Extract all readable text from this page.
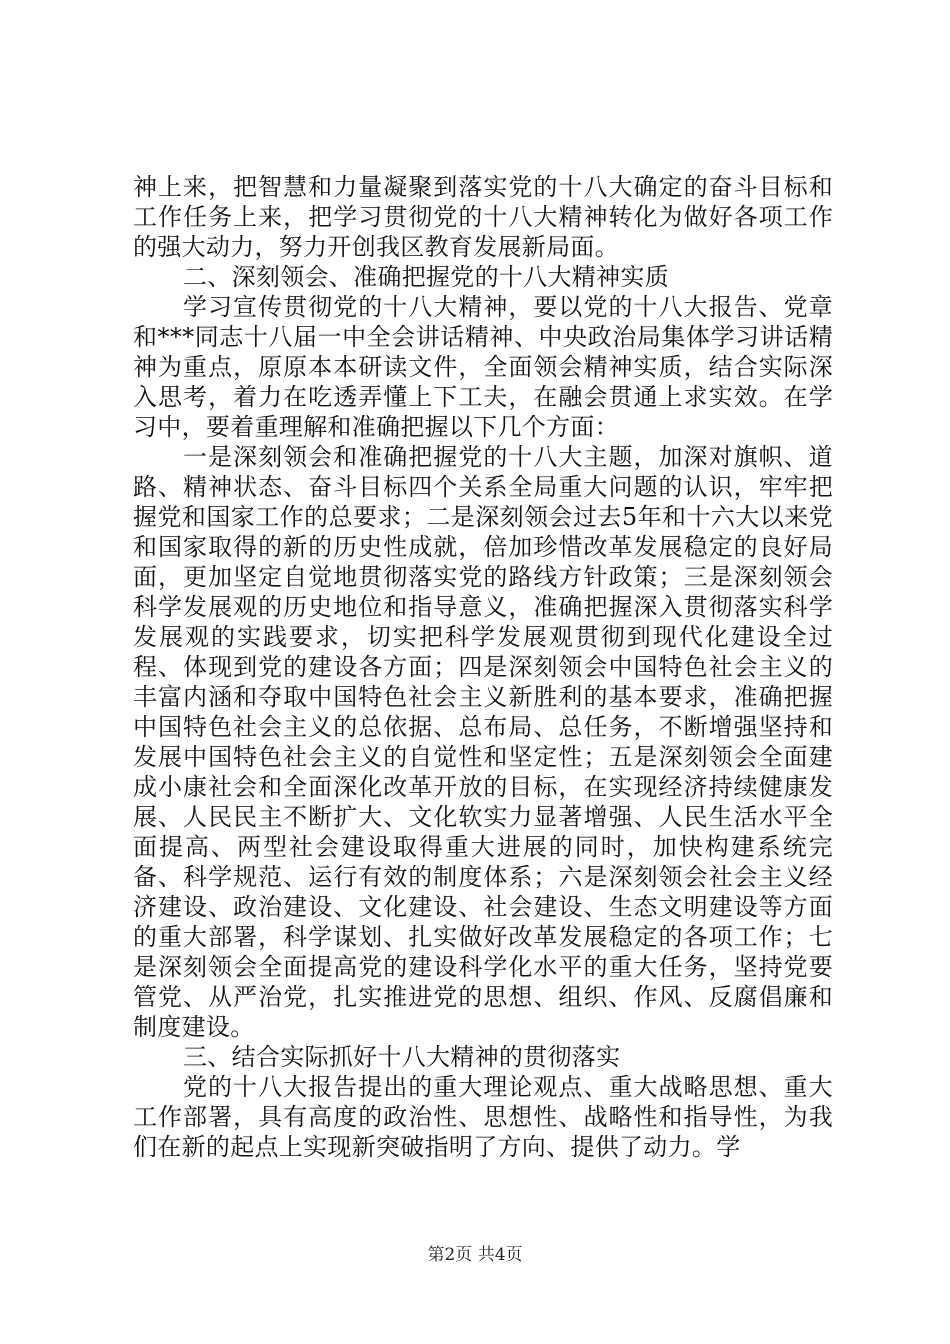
神上来，把智慧和力量凝聚到落实党的十八大确定的奋斗目标和工作任务上来，把学习贯彻党的十八大精神转化为做好各项工作的强大动力，努力开创我区教育发展新局面。

二、深刻领会、准确把握党的十八大精神实质

学习宣传贯彻党的十八大精神，要以党的十八大报告、党章和***同志十八届一中全会讲话精神、中央政治局集体学习讲话精神为重点，原原本本研读文件，全面领会精神实质，结合实际深入思考，着力在吃透弄懂上下工夫，在融会贯通上求实效。在学习中，要着重理解和准确把握以下几个方面：

一是深刻领会和准确把握党的十八大主题，加深对旗帜、道路、精神状态、奋斗目标四个关系全局重大问题的认识，牢牢把握党和国家工作的总要求；二是深刻领会过去5年和十六大以来党和国家取得的新的历史性成就，倍加珍惜改革发展稳定的良好局面，更加坚定自觉地贯彻落实党的路线方针政策；三是深刻领会科学发展观的历史地位和指导意义，准确把握深入贯彻落实科学发展观的实践要求，切实把科学发展观贯彻到现代化建设全过程、体现到党的建设各方面；四是深刻领会中国特色社会主义的丰富内涵和夺取中国特色社会主义新胜利的基本要求，准确把握中国特色社会主义的总依据、总布局、总任务，不断增强坚持和发展中国特色社会主义的自觉性和坚定性；五是深刻领会全面建成小康社会和全面深化改革开放的目标，在实现经济持续健康发展、人民民主不断扩大、文化软实力显著增强、人民生活水平全面提高、两型社会建设取得重大进展的同时，加快构建系统完备、科学规范、运行有效的制度体系；六是深刻领会社会主义经济建设、政治建设、文化建设、社会建设、生态文明建设等方面的重大部署，科学谋划、扎实做好改革发展稳定的各项工作；七是深刻领会全面提高党的建设科学化水平的重大任务，坚持党要管党、从严治党，扎实推进党的思想、组织、作风、反腐倡廉和制度建设。

三、结合实际抓好十八大精神的贯彻落实

党的十八大报告提出的重大理论观点、重大战略思想、重大工作部署，具有高度的政治性、思想性、战略性和指导性，为我们在新的起点上实现新突破指明了方向、提供了动力。学

第2页 共4页
